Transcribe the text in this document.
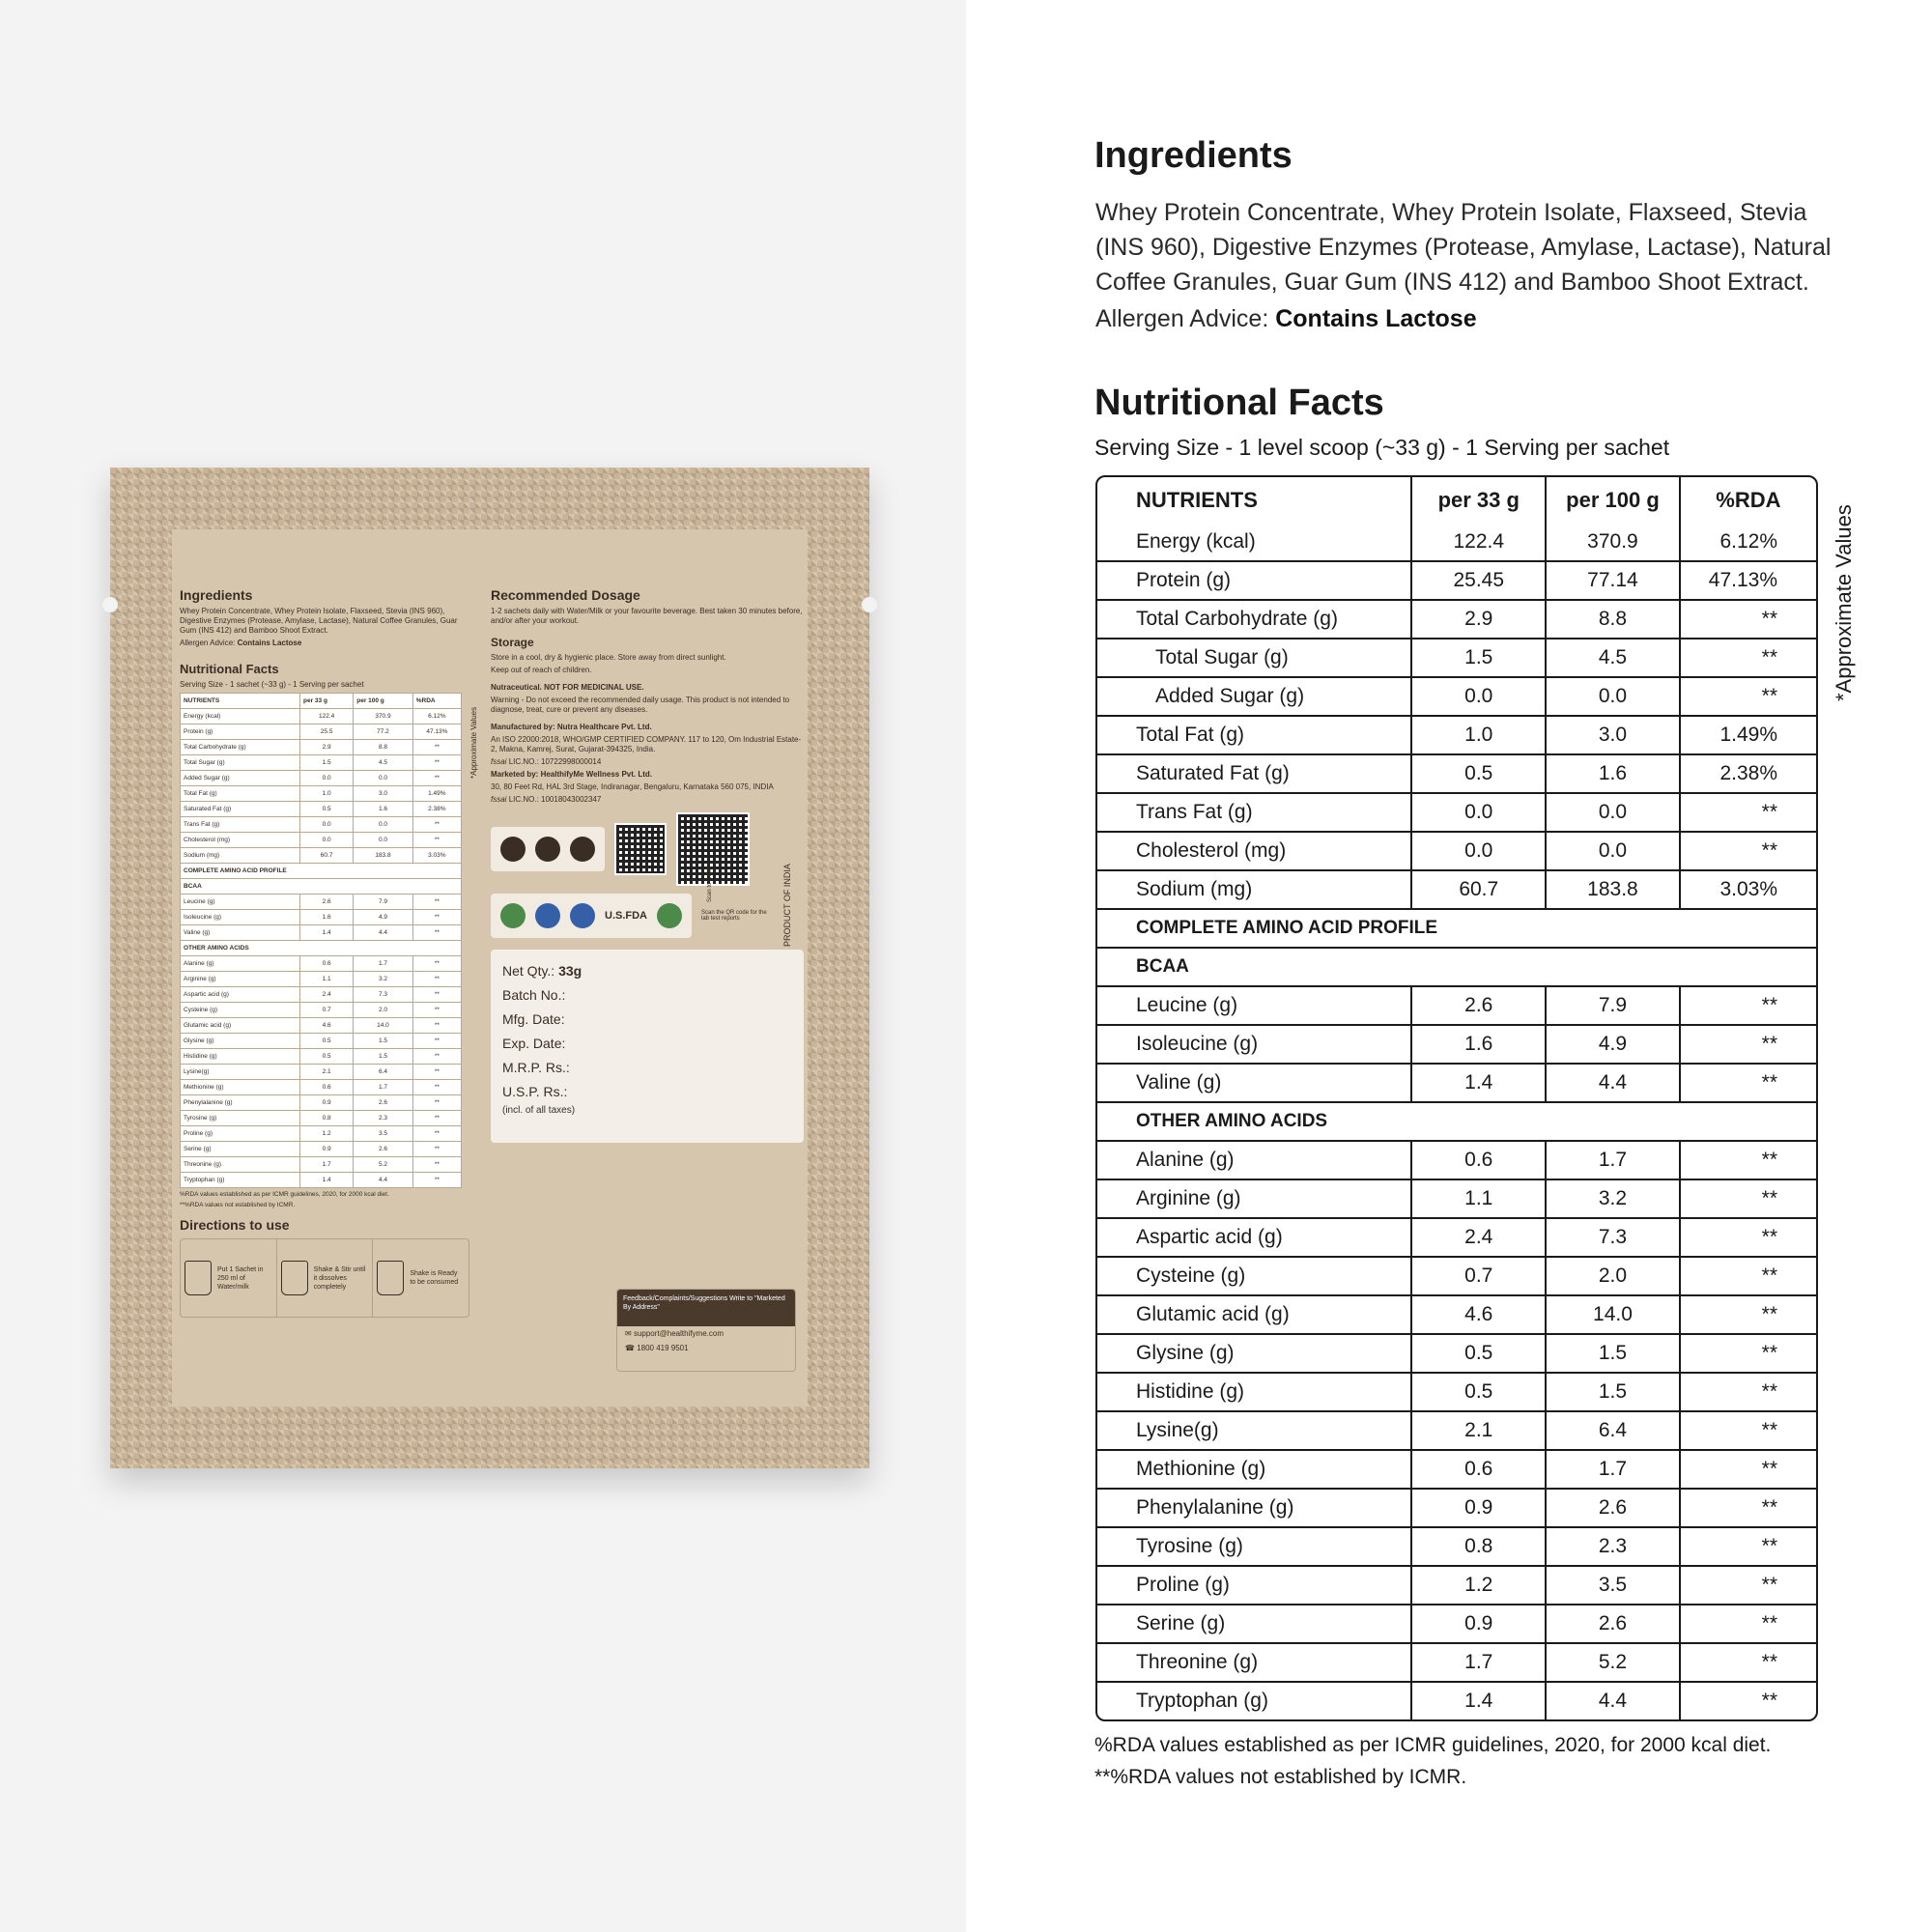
Ingredients

Whey Protein Concentrate, Whey Protein Isolate, Flaxseed, Stevia (INS 960), Digestive Enzymes (Protease, Amylase, Lactase), Natural Coffee Granules, Guar Gum (INS 412) and Bamboo Shoot Extract.

Allergen Advice: Contains Lactose

Nutritional Facts

Serving Size - 1 sachet (~33 g) - 1 Serving per sachet

NUTRIENTS	per 33 g	per 100 g	%RDA
Energy (kcal)	122.4	370.9	6.12%
Protein (g)	25.5	77.2	47.13%
Total Carbohydrate (g)	2.9	8.8	**
Total Sugar (g)	1.5	4.5	**
Added Sugar (g)	0.0	0.0	**
Total Fat (g)	1.0	3.0	1.49%
Saturated Fat (g)	0.5	1.6	2.38%
Trans Fat (g)	0.0	0.0	**
Cholesterol (mg)	0.0	0.0	**
Sodium (mg)	60.7	183.8	3.03%
COMPLETE AMINO ACID PROFILE			
BCAA			
Leucine (g)	2.6	7.9	**
Isoleucine (g)	1.6	4.9	**
Valine (g)	1.4	4.4	**
OTHER AMINO ACIDS			
Alanine (g)	0.6	1.7	**
Arginine (g)	1.1	3.2	**
Aspartic acid (g)	2.4	7.3	**
Cysteine (g)	0.7	2.0	**
Glutamic acid (g)	4.6	14.0	**
Glysine (g)	0.5	1.5	**
Histidine (g)	0.5	1.5	**
Lysine(g)	2.1	6.4	**
Methionine (g)	0.6	1.7	**
Phenylalanine (g)	0.9	2.6	**
Tyrosine (g)	0.8	2.3	**
Proline (g)	1.2	3.5	**
Serine (g)	0.9	2.6	**
Threonine (g)	1.7	5.2	**
Tryptophan (g)	1.4	4.4	**
%RDA values established as per ICMR guidelines, 2020, for 2000 kcal diet.
**%RDA values not established by ICMR.
Directions to use
Put 1 Sachet in 250 ml of Water/milk
Shake & Stir until it dissolves completely
Shake is Ready to be consumed
*Approximate Values
Recommended Dosage

1-2 sachets daily with Water/Milk or your favourite beverage. Best taken 30 minutes before, and/or after your workout.

Storage

Store in a cool, dry & hygienic place. Store away from direct sunlight.

Keep out of reach of children.

Nutraceutical. NOT FOR MEDICINAL USE.

Warning - Do not exceed the recommended daily usage. This product is not intended to diagnose, treat, cure or prevent any diseases.

Manufactured by: Nutra Healthcare Pvt. Ltd.

An ISO 22000:2018, WHO/GMP CERTIFIED COMPANY. 117 to 120, Om Industrial Estate-2, Makna, Kamrej, Surat, Gujarat-394325, India.

fssai LIC.NO.: 10722998000014

Marketed by: HealthifyMe Wellness Pvt. Ltd.

30, 80 Feet Rd, HAL 3rd Stage, Indiranagar, Bengaluru, Karnataka 560 075, INDIA

fssai LIC.NO.: 10018043002347

U.S.FDA	Scan the QR code for the lab test reports
Net Qty.: 33g
Batch No.:
Mfg. Date:
Exp. Date:
M.R.P. Rs.:
U.S.P. Rs.:
(incl. of all taxes)
PRODUCT OF INDIA
Scan to Order
Feedback/Complaints/Suggestions Write to "Marketed By Address"
✉ support@healthifyme.com
☎ 1800 419 9501
Ingredients

Whey Protein Concentrate, Whey Protein Isolate, Flaxseed, Stevia (INS 960), Digestive Enzymes (Protease, Amylase, Lactase), Natural Coffee Granules, Guar Gum (INS 412) and Bamboo Shoot Extract.

Allergen Advice: Contains Lactose
Nutritional Facts
Serving Size - 1 level scoop (~33 g) - 1 Serving per sachet
NUTRIENTS	per 33 g	per 100 g	%RDA
Energy (kcal)	122.4	370.9	6.12%
Protein (g)	25.45	77.14	47.13%
Total Carbohydrate (g)	2.9	8.8	**
Total Sugar (g)	1.5	4.5	**
Added Sugar (g)	0.0	0.0	**
Total Fat (g)	1.0	3.0	1.49%
Saturated Fat (g)	0.5	1.6	2.38%
Trans Fat (g)	0.0	0.0	**
Cholesterol (mg)	0.0	0.0	**
Sodium (mg)	60.7	183.8	3.03%
COMPLETE AMINO ACID PROFILE			
BCAA			
Leucine (g)	2.6	7.9	**
Isoleucine (g)	1.6	4.9	**
Valine (g)	1.4	4.4	**
OTHER AMINO ACIDS			
Alanine (g)	0.6	1.7	**
Arginine (g)	1.1	3.2	**
Aspartic acid (g)	2.4	7.3	**
Cysteine (g)	0.7	2.0	**
Glutamic acid (g)	4.6	14.0	**
Glysine (g)	0.5	1.5	**
Histidine (g)	0.5	1.5	**
Lysine(g)	2.1	6.4	**
Methionine (g)	0.6	1.7	**
Phenylalanine (g)	0.9	2.6	**
Tyrosine (g)	0.8	2.3	**
Proline (g)	1.2	3.5	**
Serine (g)	0.9	2.6	**
Threonine (g)	1.7	5.2	**
Tryptophan (g)	1.4	4.4	**
*Approximate Values

%RDA values established as per ICMR guidelines, 2020, for 2000 kcal diet.
**%RDA values not established by ICMR.
